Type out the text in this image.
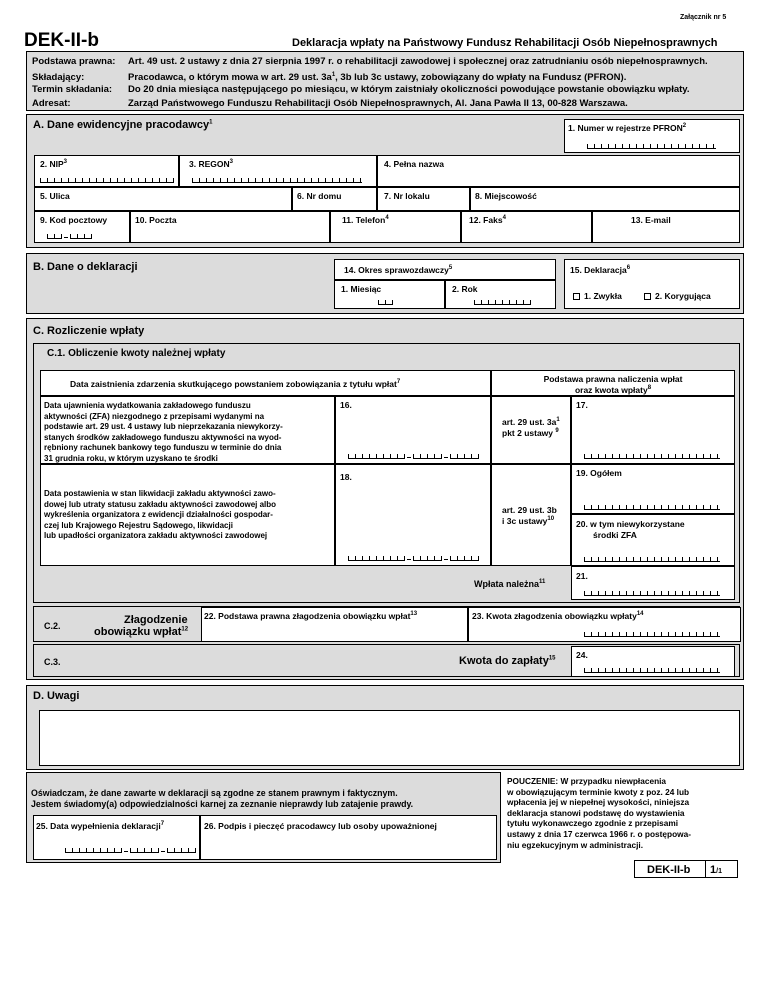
Załącznik nr 5
DEK-II-b	Deklaracja wpłaty na Państwowy Fundusz Rehabilitacji Osób Niepełnosprawnych
Podstawa prawna: Art. 49 ust. 2 ustawy z dnia 27 sierpnia 1997 r. o rehabilitacji zawodowej i społecznej oraz zatrudnianiu osób niepełnosprawnych.
Składający:	Pracodawca, o którym mowa w art. 29 ust. $3a^1$, 3b lub 3c ustawy, zobowiązany do wpłaty na Fundusz (PFRON).
Termin składania: Do 20 dnia miesiąca następującego po miesiącu, w którym zaistniały okoliczności powodujące powstanie obowiązku wpłaty.
Adresat:	Zarząd Państwowego Funduszu Rehabilitacji Osób Niepełnosprawnych, Al. Jana Pawła II 13, 00-828 Warszawa.
A. Dane ewidencyjne pracodawcy$^1$
1. Numer w rejestrze PFRON$^2$
2. NIP$^3$	3. REGON$^3$	4. Pełna nazwa
5. Ulica	6. Nr domu	7. Nr lokalu	8. Miejscowość
9. Kod pocztowy	10. Poczta	11. Telefon$^4$	12. Faks$^4$	13. E-mail
B. Dane o deklaracji	14. Okres sprawozdawczy$^5$
1. Miesiąc	2. Rok
15. Deklaracja$^6$
1. Zwykła	2. Korygująca
C. Rozliczenie wpłaty
C.1. Obliczenie kwoty należnej wpłaty
Data zaistnienia zdarzenia skutkującego powstaniem zobowiązania z tytułu wpłat$^7$	Podstawa prawna naliczenia wpłat
oraz kwota wpłaty$^8$
Data ujawnienia wydatkowania zakładowego funduszu
aktywności (ZFA) niezgodnego z przepisami wydanymi na
podstawie art. 29 ust. 4 ustawy lub nieprzekazania niewykorzy-
stanych środków zakładowego funduszu aktywności na wyod-
rębniony rachunek bankowy tego funduszu w terminie do dnia
31 grudnia roku, w którym uzyskano te środki
16.
art. 29 ust. $3a^1$
pkt 2 ustawy $^9$
17.
Data postawienia w stan likwidacji zakładu aktywności zawo-
dowej lub utraty statusu zakładu aktywności zawodowej albo
wykreślenia organizatora z ewidencji działalności gospodar-
czej lub Krajowego Rejestru Sądowego, likwidacji
lub upadłości organizatora zakładu aktywności zawodowej
18.
art. 29 ust. 3b
i 3c ustawy$^{10}$
19. Ogółem
20. w tym niewykorzystane
środki ZFA
Wpłata należna$^{11}$
21.
C.2.	Złagodzenie
obowiązku wpłat$^{12}$
22. Podstawa prawna złagodzenia obowiązku wpłat$^{13}$	23. Kwota złagodzenia obowiązku wpłaty$^{14}$
C.3.	Kwota do zapłaty$^{15}$ 24.
D. Uwagi
Oświadczam, że dane zawarte w deklaracji są zgodne ze stanem prawnym i faktycznym.
Jestem świadomy(a) odpowiedzialności karnej za zeznanie nieprawdy lub zatajenie prawdy.
25. Data wypełnienia deklaracji$^7$	26. Podpis i pieczęć pracodawcy lub osoby upoważnionej
POUCZENIE: W przypadku niewpłacenia
w obowiązującym terminie kwoty z poz. 24 lub
wpłacenia jej w niepełnej wysokości, niniejsza
deklaracja stanowi podstawę do wystawienia
tytułu wykonawczego zgodnie z przepisami
ustawy z dnia 17 czerwca 1966 r. o postępowa-
niu egzekucyjnym w administracji.
DEK-II-b 1/1
